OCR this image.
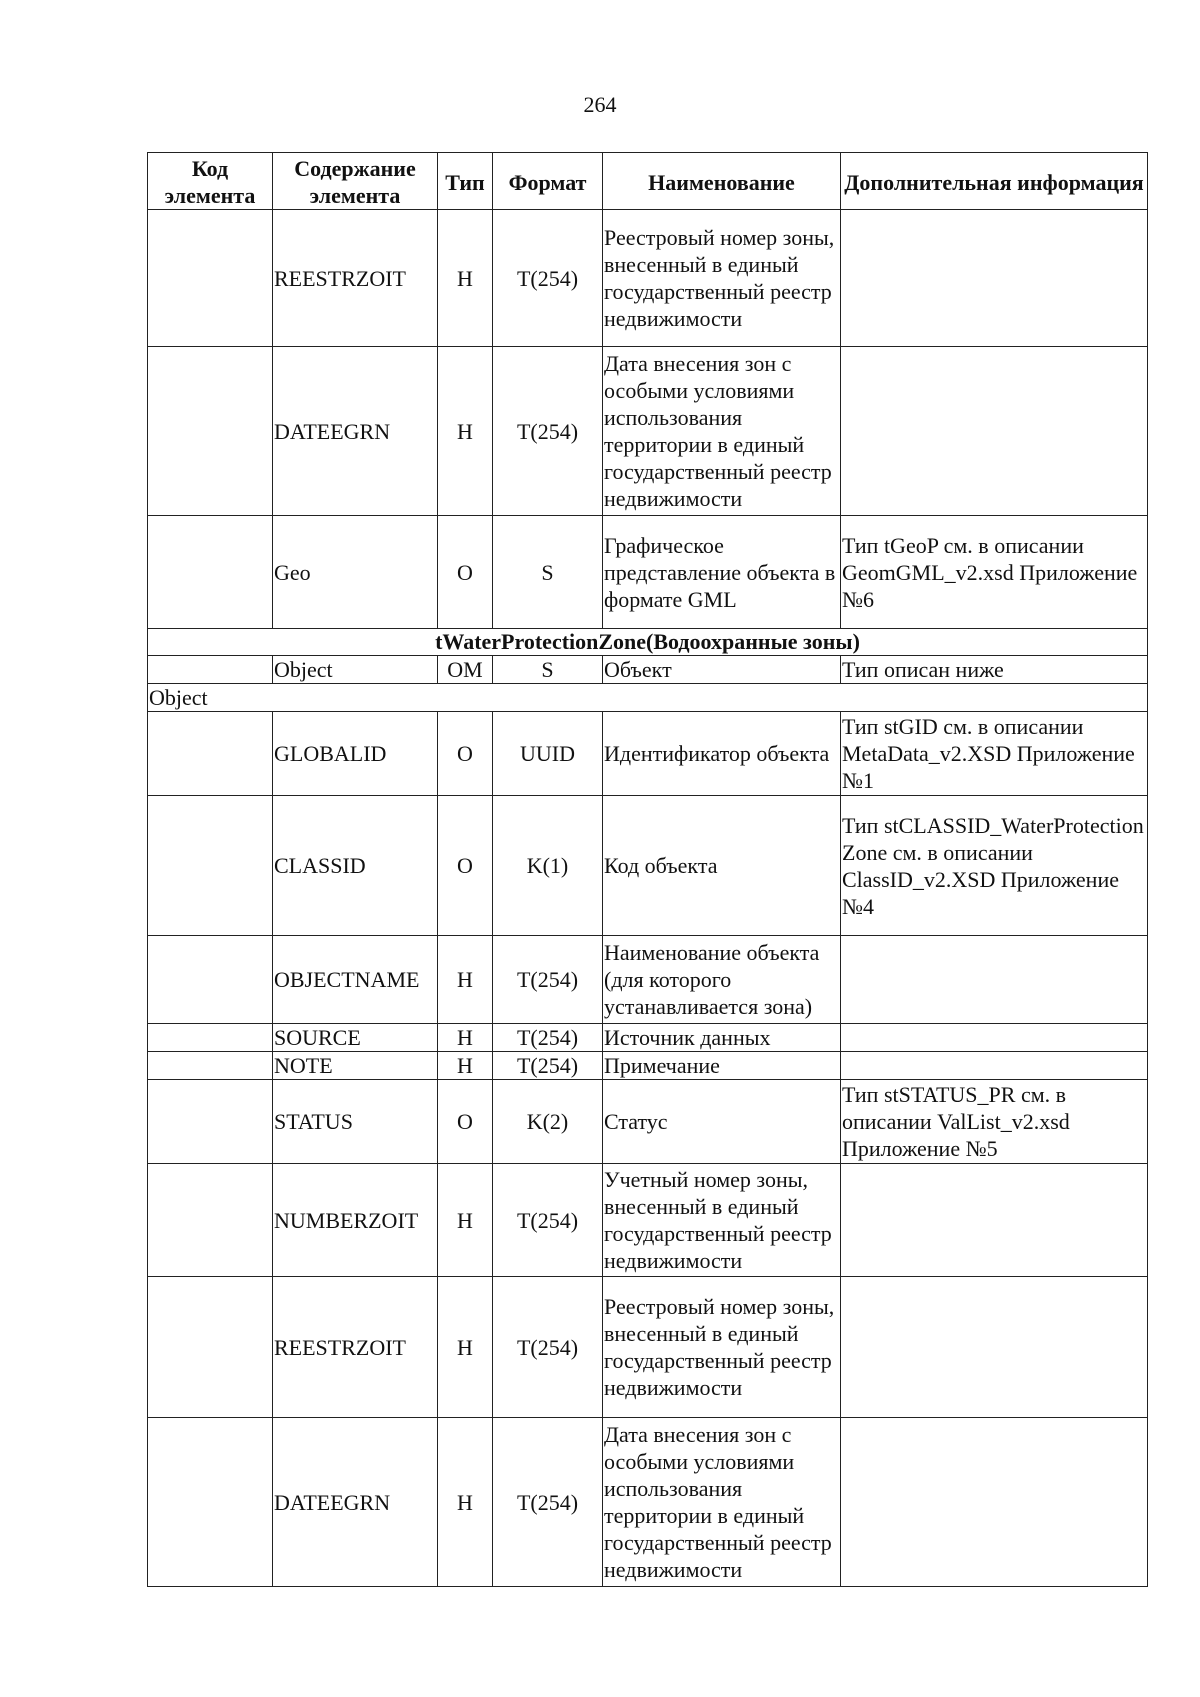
264
Код элемента	Содержание элемента	Тип	Формат	Наименование	Дополнительная информация
	REESTRZOIT	Н	T(254)	Реестровый номер зоны, внесенный в единый государственный реестр недвижимости	
	DATEEGRN	Н	T(254)	Дата внесения зон с особыми условиями использования территории в единый государственный реестр недвижимости	
	Geo	О	S	Графическое представление объекта в формате GML	Тип tGeoP см. в описании GeomGML_v2.xsd Приложение №6
tWaterProtectionZone(Водоохранные зоны)					
	Object	ОМ	S	Объект	Тип описан ниже
Object					
	GLOBALID	О	UUID	Идентификатор объекта	Тип stGID см. в описании MetaData_v2.XSD Приложение №1
	CLASSID	О	K(1)	Код объекта	Тип stCLASSID_WaterProtection Zone см. в описании ClassID_v2.XSD Приложение №4
	OBJECTNAME	Н	T(254)	Наименование объекта (для которого устанавливается зона)	
	SOURCE	Н	T(254)	Источник данных	
	NOTE	Н	T(254)	Примечание	
	STATUS	О	K(2)	Статус	Тип stSTATUS_PR см. в описании ValList_v2.xsd Приложение №5
	NUMBERZOIT	Н	T(254)	Учетный номер зоны, внесенный в единый государственный реестр недвижимости	
	REESTRZOIT	Н	T(254)	Реестровый номер зоны, внесенный в единый государственный реестр недвижимости	
	DATEEGRN	Н	T(254)	Дата внесения зон с особыми условиями использования территории в единый государственный реестр недвижимости	
